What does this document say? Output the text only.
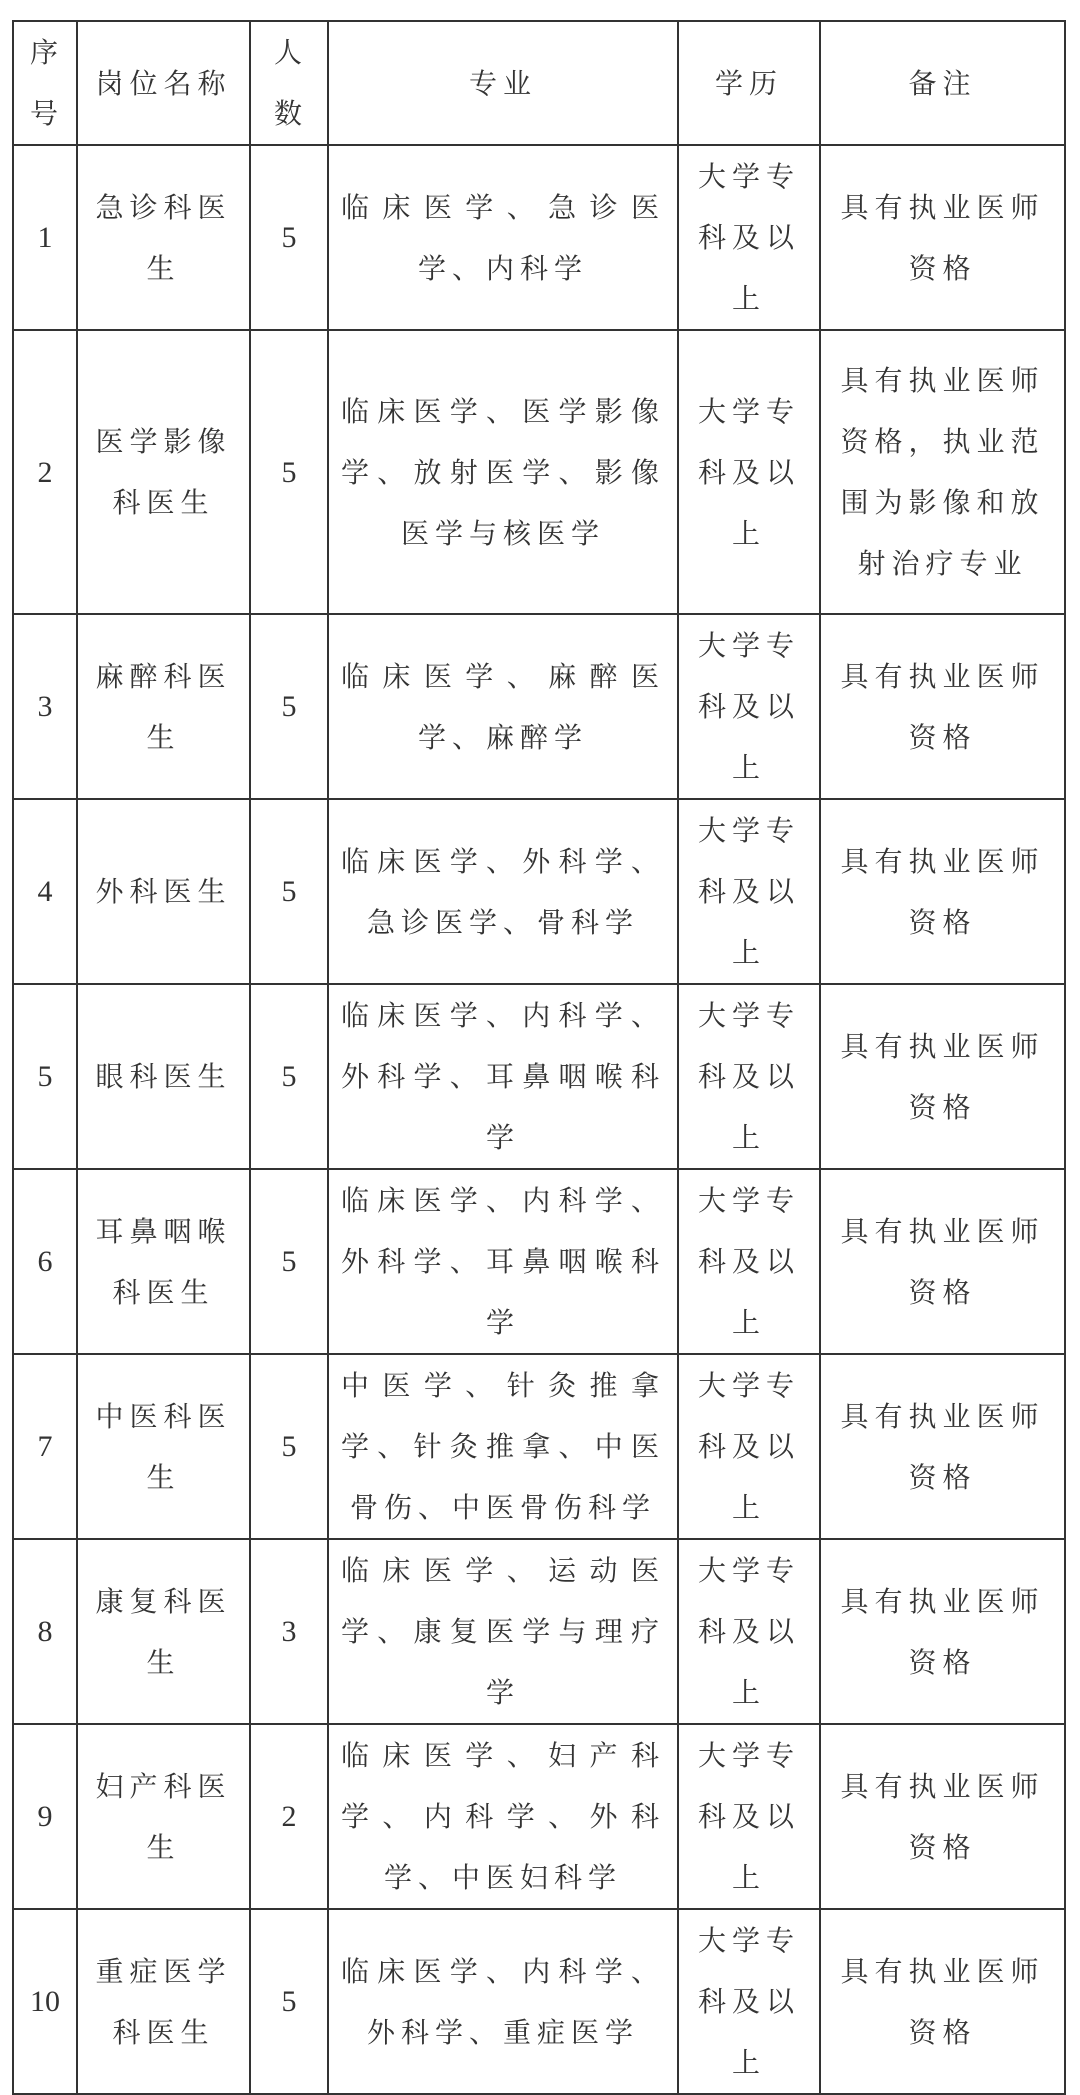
序号	岗位名称	人数	专业	学历	备注
1	急诊科医生	5	临床医学、急诊医学、内科学	大学专科及以上	具有执业医师资格
2	医学影像科医生	5	临床医学、医学影像学、放射医学、影像医学与核医学	大学专科及以上	具有执业医师资格，执业范围为影像和放射治疗专业
3	麻醉科医生	5	临床医学、麻醉医学、麻醉学	大学专科及以上	具有执业医师资格
4	外科医生	5	临床医学、外科学、急诊医学、骨科学	大学专科及以上	具有执业医师资格
5	眼科医生	5	临床医学、内科学、外科学、耳鼻咽喉科学	大学专科及以上	具有执业医师资格
6	耳鼻咽喉科医生	5	临床医学、内科学、外科学、耳鼻咽喉科学	大学专科及以上	具有执业医师资格
7	中医科医生	5	中医学、针灸推拿学、针灸推拿、中医骨伤、中医骨伤科学	大学专科及以上	具有执业医师资格
8	康复科医生	3	临床医学、运动医学、康复医学与理疗学	大学专科及以上	具有执业医师资格
9	妇产科医生	2	临床医学、妇产科学、内科学、外科学、中医妇科学	大学专科及以上	具有执业医师资格
10	重症医学科医生	5	临床医学、内科学、外科学、重症医学	大学专科及以上	具有执业医师资格
